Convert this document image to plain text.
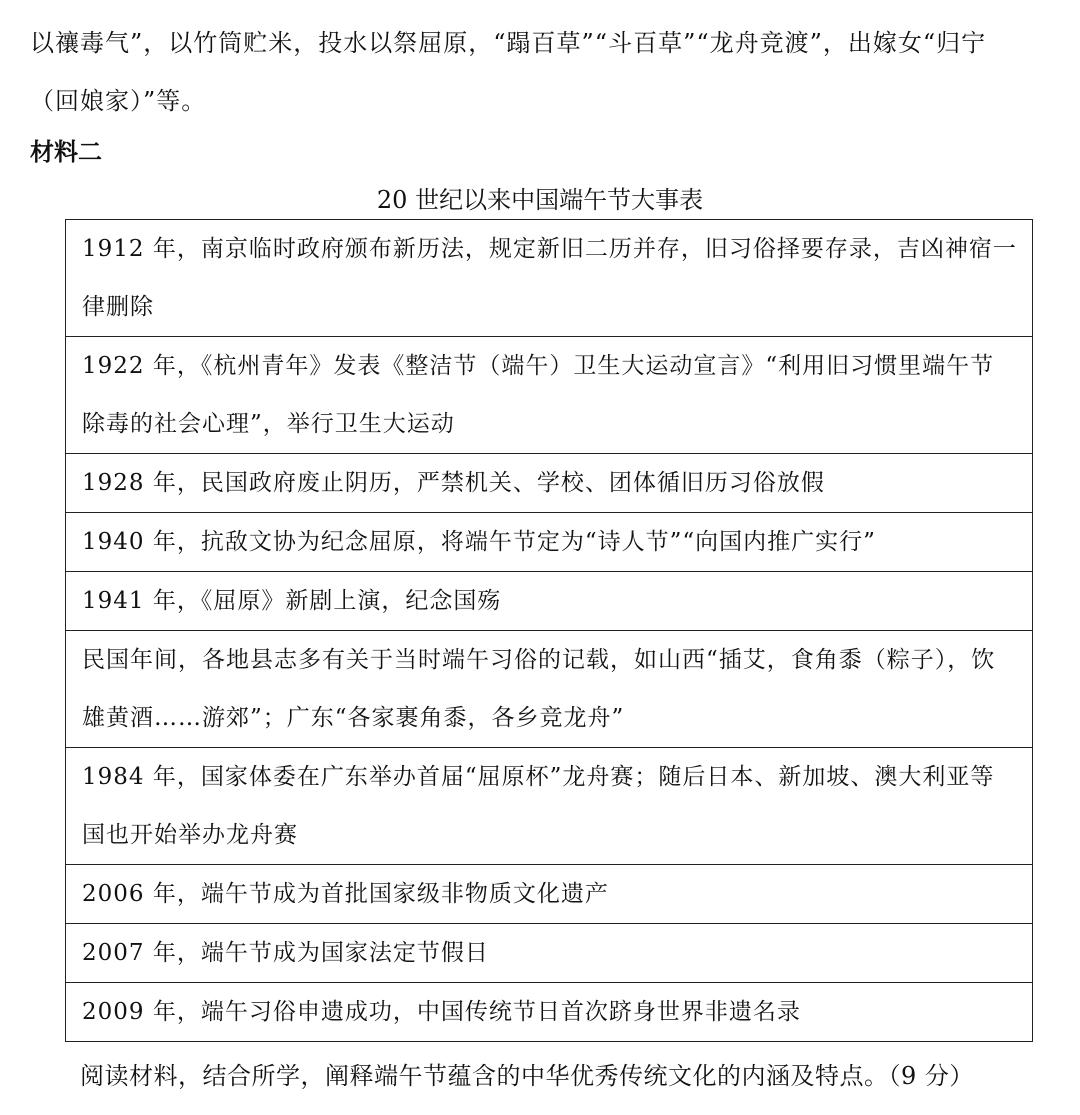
以禳毒气”，以竹筒贮米，投水以祭屈原，“蹋百草”“斗百草”“龙舟竞渡”，出嫁女“归宁

（回娘家）”等。

材料二
20 世纪以来中国端午节大事表
1912 年，南京临时政府颁布新历法，规定新旧二历并存，旧习俗择要存录，吉凶神宿一律删除
1922 年，《杭州青年》发表《整洁节（端午）卫生大运动宣言》“利用旧习惯里端午节除毒的社会心理”，举行卫生大运动
1928 年，民国政府废止阴历，严禁机关、学校、团体循旧历习俗放假
1940 年，抗敌文协为纪念屈原，将端午节定为“诗人节”“向国内推广实行”
1941 年，《屈原》新剧上演，纪念国殇
民国年间，各地县志多有关于当时端午习俗的记载，如山西“插艾，食角黍（粽子），饮雄黄酒……游郊”；广东“各家裹角黍，各乡竞龙舟”
1984 年，国家体委在广东举办首届“屈原杯”龙舟赛；随后日本、新加坡、澳大利亚等国也开始举办龙舟赛
2006 年，端午节成为首批国家级非物质文化遗产
2007 年，端午节成为国家法定节假日
2009 年，端午习俗申遗成功，中国传统节日首次跻身世界非遗名录
阅读材料，结合所学，阐释端午节蕴含的中华优秀传统文化的内涵及特点。（9 分）
